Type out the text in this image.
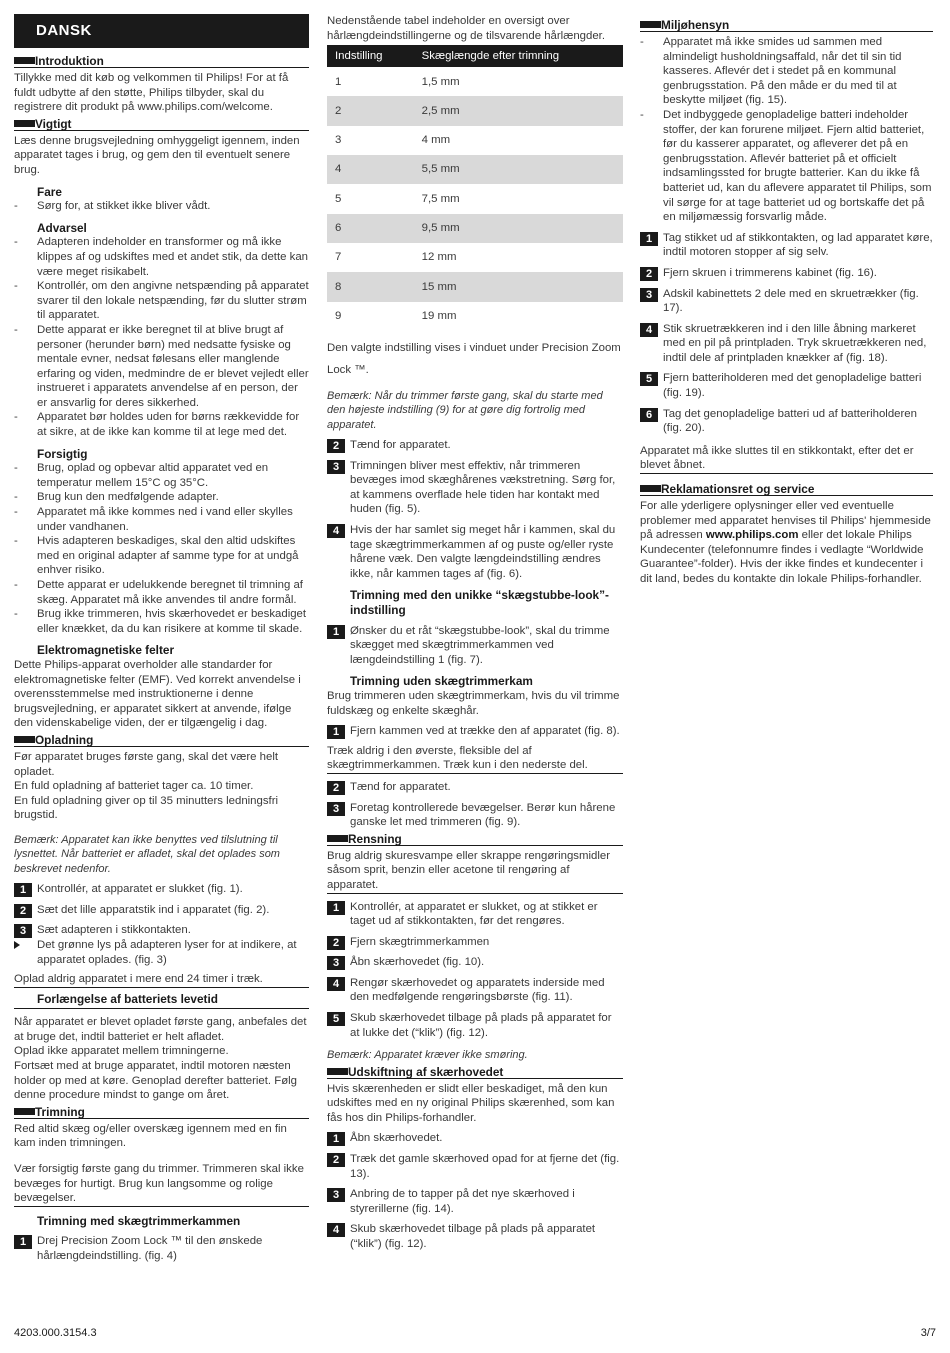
DANSK
Introduktion

Tillykke med dit køb og velkommen til Philips! For at få fuldt udbytte af den støtte, Philips tilbyder, skal du registrere dit produkt på www.philips.com/welcome.

Vigtigt

Læs denne brugsvejledning omhyggeligt igennem, inden apparatet tages i brug, og gem den til eventuelt senere brug.

Fare
- Sørg for, at stikket ikke bliver vådt.
Advarsel
- Adapteren indeholder en transformer og må ikke klippes af og udskiftes med et andet stik, da dette kan være meget risikabelt.
- Kontrollér, om den angivne netspænding på apparatet svarer til den lokale netspænding, før du slutter strøm til apparatet.
- Dette apparat er ikke beregnet til at blive brugt af personer (herunder børn) med nedsatte fysiske og mentale evner, nedsat følesans eller manglende erfaring og viden, medmindre de er blevet vejledt eller instrueret i apparatets anvendelse af en person, der er ansvarlig for deres sikkerhed.
- Apparatet bør holdes uden for børns rækkevidde for at sikre, at de ikke kan komme til at lege med det.
Forsigtig
- Brug, oplad og opbevar altid apparatet ved en temperatur mellem 15°C og 35°C.
- Brug kun den medfølgende adapter.
- Apparatet må ikke kommes ned i vand eller skylles under vandhanen.
- Hvis adapteren beskadiges, skal den altid udskiftes med en original adapter af samme type for at undgå enhver risiko.
- Dette apparat er udelukkende beregnet til trimning af skæg. Apparatet må ikke anvendes til andre formål.
- Brug ikke trimmeren, hvis skærhovedet er beskadiget eller knækket, da du kan risikere at komme til skade.
Elektromagnetiske felter

Dette Philips-apparat overholder alle standarder for elektromagnetiske felter (EMF). Ved korrekt anvendelse i overensstemmelse med instruktionerne i denne brugsvejledning, er apparatet sikkert at anvende, ifølge den videnskabelige viden, der er tilgængelig i dag.

Opladning

Før apparatet bruges første gang, skal det være helt opladet.
En fuld opladning af batteriet tager ca. 10 timer.
En fuld opladning giver op til 35 minutters ledningsfri brugstid.

Bemærk: Apparatet kan ikke benyttes ved tilslutning til lysnettet. Når batteriet er afladet, skal det oplades som beskrevet nedenfor.

1 Kontrollér, at apparatet er slukket (fig. 1).
2 Sæt det lille apparatstik ind i apparatet (fig. 2).
3 Sæt adapteren i stikkontakten.
Det grønne lys på adapteren lyser for at indikere, at apparatet oplades. (fig. 3)

Oplad aldrig apparatet i mere end 24 timer i træk.

Forlængelse af batteriets levetid

Når apparatet er blevet opladet første gang, anbefales det at bruge det, indtil batteriet er helt afladet.
Oplad ikke apparatet mellem trimningerne.
Fortsæt med at bruge apparatet, indtil motoren næsten holder op med at køre. Genoplad derefter batteriet. Følg denne procedure mindst to gange om året.

Trimning

Red altid skæg og/eller overskæg igennem med en fin kam inden trimningen.

Vær forsigtig første gang du trimmer. Trimmeren skal ikke bevæges for hurtigt. Brug kun langsomme og rolige bevægelser.

Trimning med skægtrimmerkammen
1 Drej Precision Zoom Lock ™ til den ønskede hårlængdeindstilling. (fig. 4)

Nedenstående tabel indeholder en oversigt over hårlængdeindstillingerne og de tilsvarende hårlængder.

Indstilling	Skæglængde efter trimning
1	1,5 mm
2	2,5 mm
3	4 mm
4	5,5 mm
5	7,5 mm
6	9,5 mm
7	12 mm
8	15 mm
9	19 mm

Den valgte indstilling vises i vinduet under Precision Zoom Lock ™.

Bemærk: Når du trimmer første gang, skal du starte med den højeste indstilling (9) for at gøre dig fortrolig med apparatet.

2 Tænd for apparatet.
3 Trimningen bliver mest effektiv, når trimmeren bevæges imod skæghårenes vækstretning. Sørg for, at kammens overflade hele tiden har kontakt med huden (fig. 5).
4 Hvis der har samlet sig meget hår i kammen, skal du tage skægtrimmerkammen af og puste og/eller ryste hårene væk. Den valgte længdeindstilling ændres ikke, når kammen tages af (fig. 6).
Trimning med den unikke “skægstubbe-look”-indstilling
1 Ønsker du et råt “skægstubbe-look”, skal du trimme skægget med skægtrimmerkammen ved længdeindstilling 1 (fig. 7).
Trimning uden skægtrimmerkam

Brug trimmeren uden skægtrimmerkam, hvis du vil trimme fuldskæg og enkelte skæghår.

1 Fjern kammen ved at trække den af apparatet (fig. 8).

Træk aldrig i den øverste, fleksible del af skægtrimmerkammen. Træk kun i den nederste del.

2 Tænd for apparatet.
3 Foretag kontrollerede bevægelser. Berør kun hårene ganske let med trimmeren (fig. 9).
Rensning

Brug aldrig skuresvampe eller skrappe rengøringsmidler såsom sprit, benzin eller acetone til rengøring af apparatet.

1 Kontrollér, at apparatet er slukket, og at stikket er taget ud af stikkontakten, før det rengøres.
2 Fjern skægtrimmerkammen
3 Åbn skærhovedet (fig. 10).
4 Rengør skærhovedet og apparatets inderside med den medfølgende rengøringsbørste (fig. 11).
5 Skub skærhovedet tilbage på plads på apparatet for at lukke det (“klik”) (fig. 12).

Bemærk: Apparatet kræver ikke smøring.

Udskiftning af skærhovedet

Hvis skærenheden er slidt eller beskadiget, må den kun udskiftes med en ny original Philips skærenhed, som kan fås hos din Philips-forhandler.

1 Åbn skærhovedet.
2 Træk det gamle skærhoved opad for at fjerne det (fig. 13).
3 Anbring de to tapper på det nye skærhoved i styrerillerne (fig. 14).
4 Skub skærhovedet tilbage på plads på apparatet (“klik”) (fig. 12).
Miljøhensyn
- Apparatet må ikke smides ud sammen med almindeligt husholdningsaffald, når det til sin tid kasseres. Aflevér det i stedet på en kommunal genbrugsstation. På den måde er du med til at beskytte miljøet (fig. 15).
- Det indbyggede genopladelige batteri indeholder stoffer, der kan forurene miljøet. Fjern altid batteriet, før du kasserer apparatet, og afleverer det på en genbrugsstation. Aflevér batteriet på et officielt indsamlingssted for brugte batterier. Kan du ikke få batteriet ud, kan du aflevere apparatet til Philips, som vil sørge for at tage batteriet ud og bortskaffe det på en miljømæssig forsvarlig måde.
1 Tag stikket ud af stikkontakten, og lad apparatet køre, indtil motoren stopper af sig selv.
2 Fjern skruen i trimmerens kabinet (fig. 16).
3 Adskil kabinettets 2 dele med en skruetrækker (fig. 17).
4 Stik skruetrækkeren ind i den lille åbning markeret med en pil på printpladen. Tryk skruetrækkeren ned, indtil dele af printpladen knækker af (fig. 18).
5 Fjern batteriholderen med det genopladelige batteri (fig. 19).
6 Tag det genopladelige batteri ud af batteriholderen (fig. 20).

Apparatet må ikke sluttes til en stikkontakt, efter det er blevet åbnet.

Reklamationsret og service

For alle yderligere oplysninger eller ved eventuelle problemer med apparatet henvises til Philips' hjemmeside på adressen www.philips.com eller det lokale Philips Kundecenter (telefonnumre findes i vedlagte “Worldwide Guarantee”-folder). Hvis der ikke findes et kundecenter i dit land, bedes du kontakte din lokale Philips-forhandler.

4203.000.3154.3	3/7
